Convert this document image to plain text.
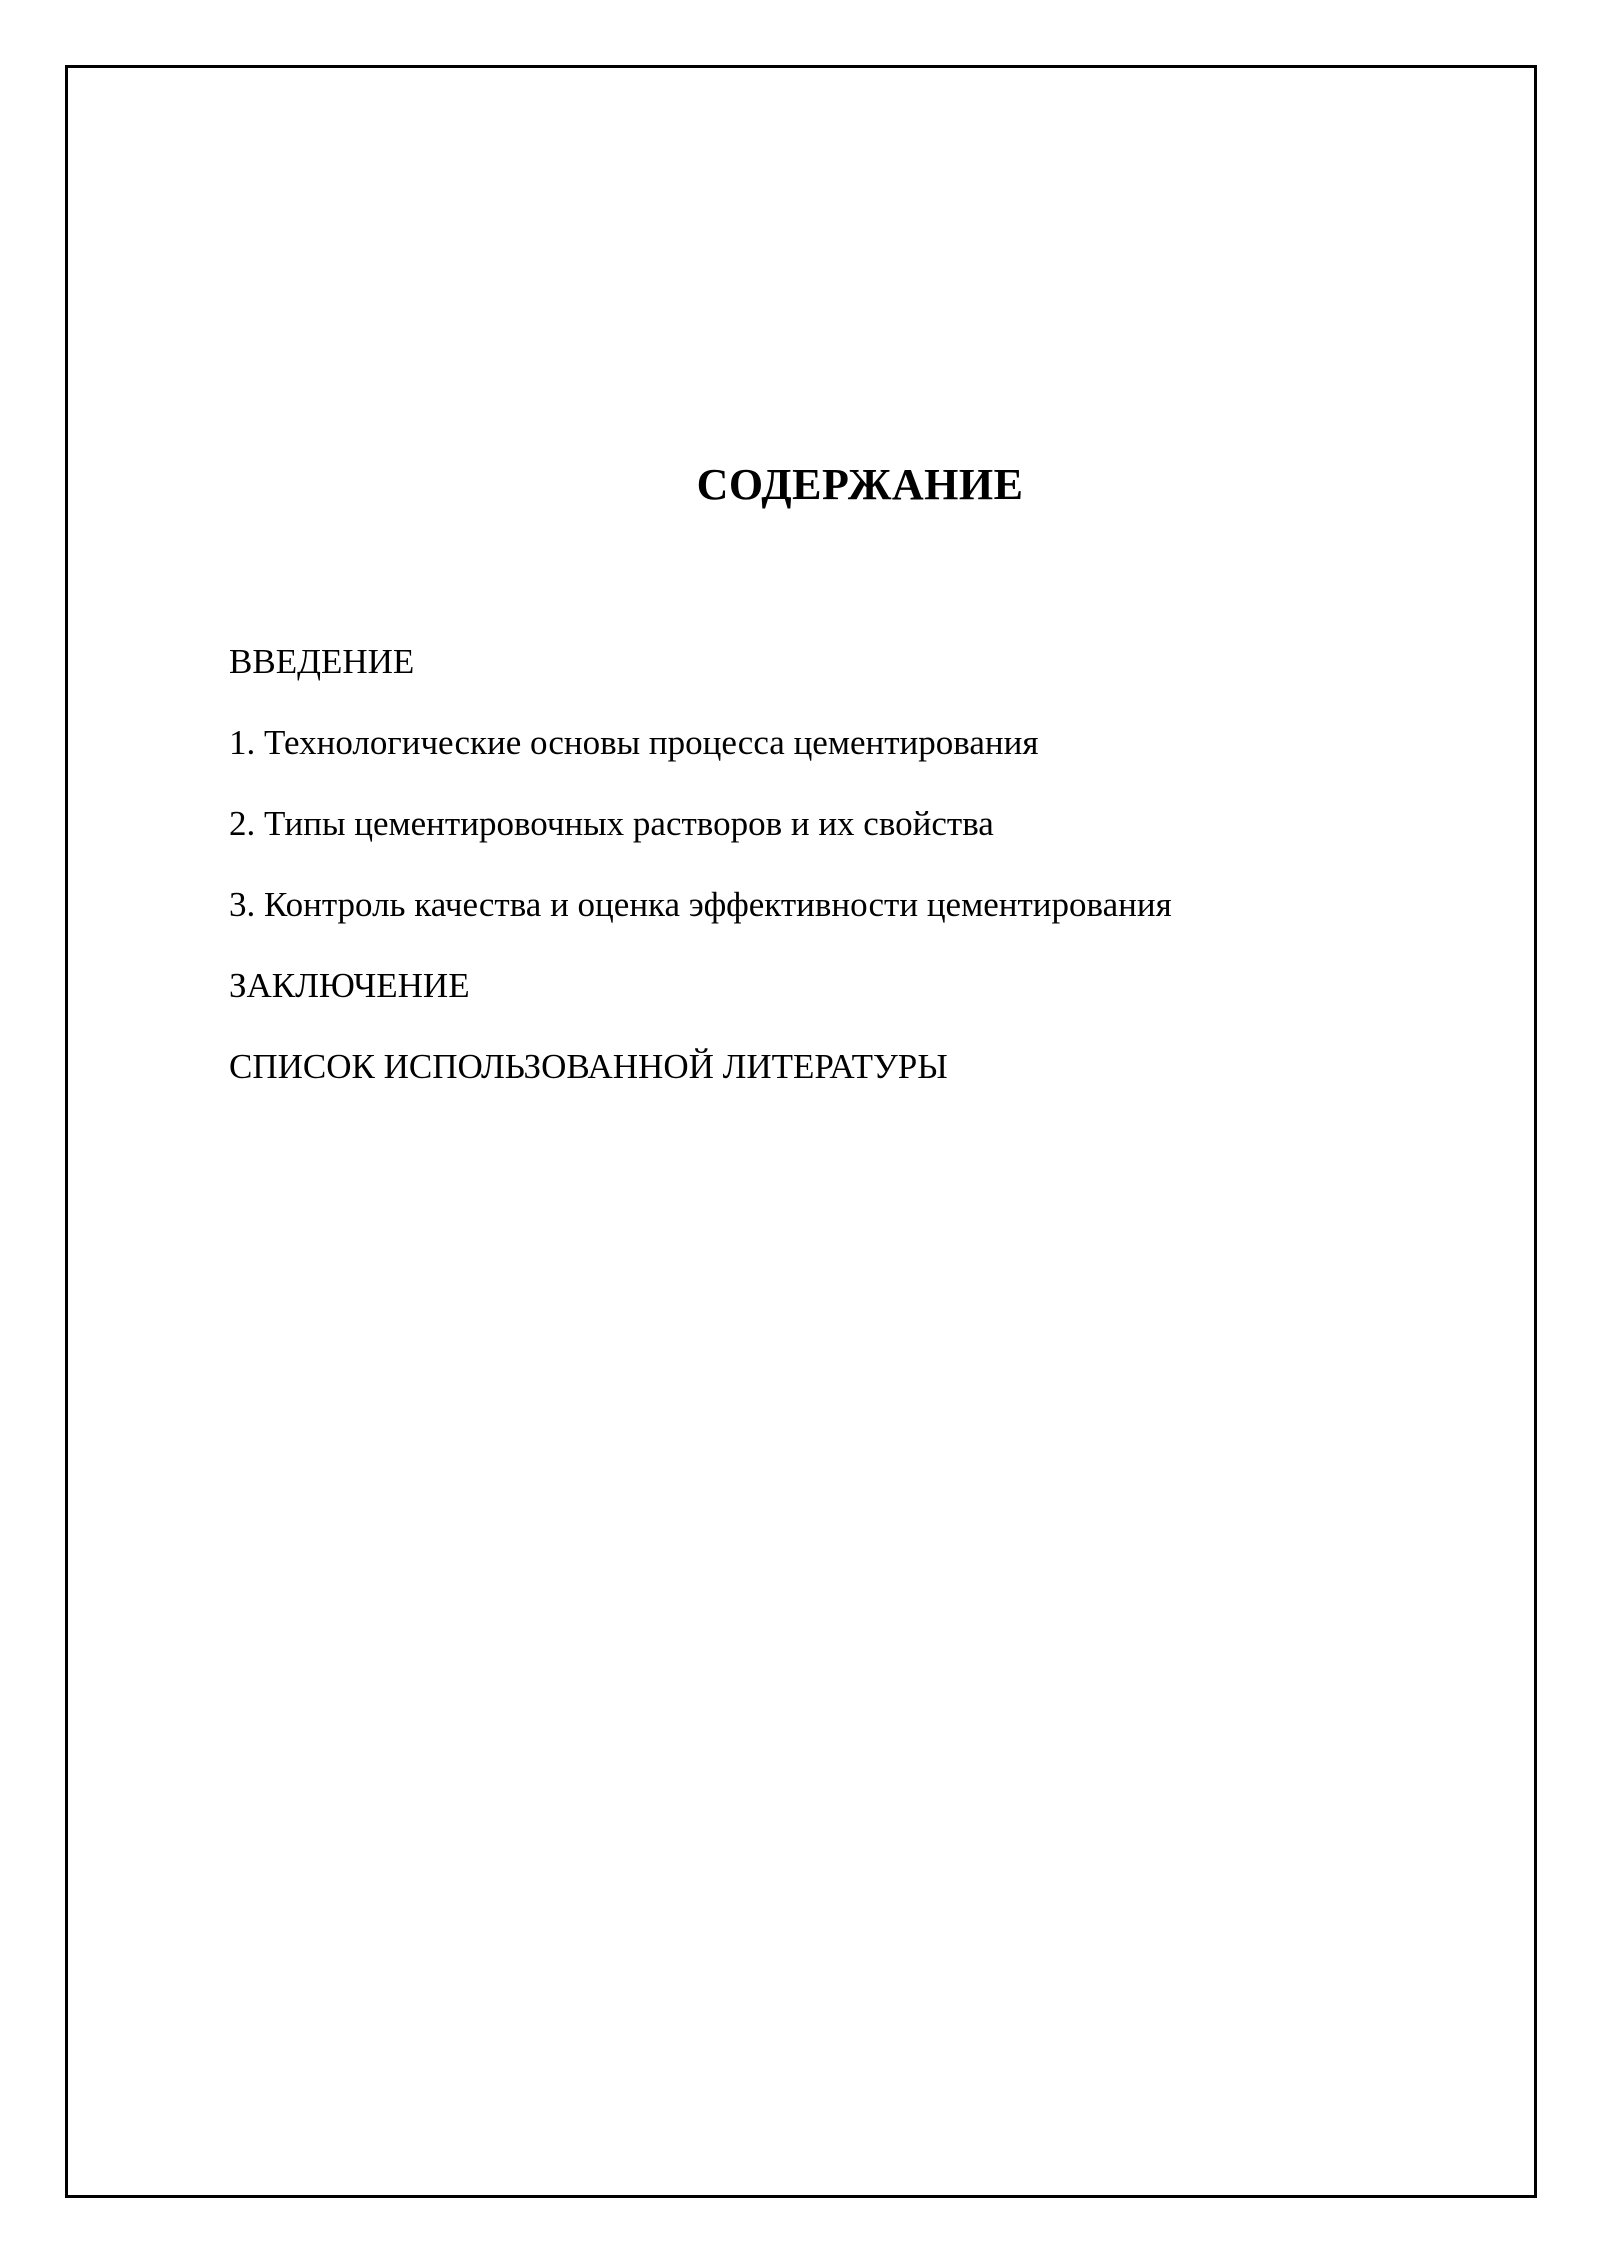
СОДЕРЖАНИЕ
ВВЕДЕНИЕ
1. Технологические основы процесса цементирования
2. Типы цементировочных растворов и их свойства
3. Контроль качества и оценка эффективности цементирования
ЗАКЛЮЧЕНИЕ
СПИСОК ИСПОЛЬЗОВАННОЙ ЛИТЕРАТУРЫ
